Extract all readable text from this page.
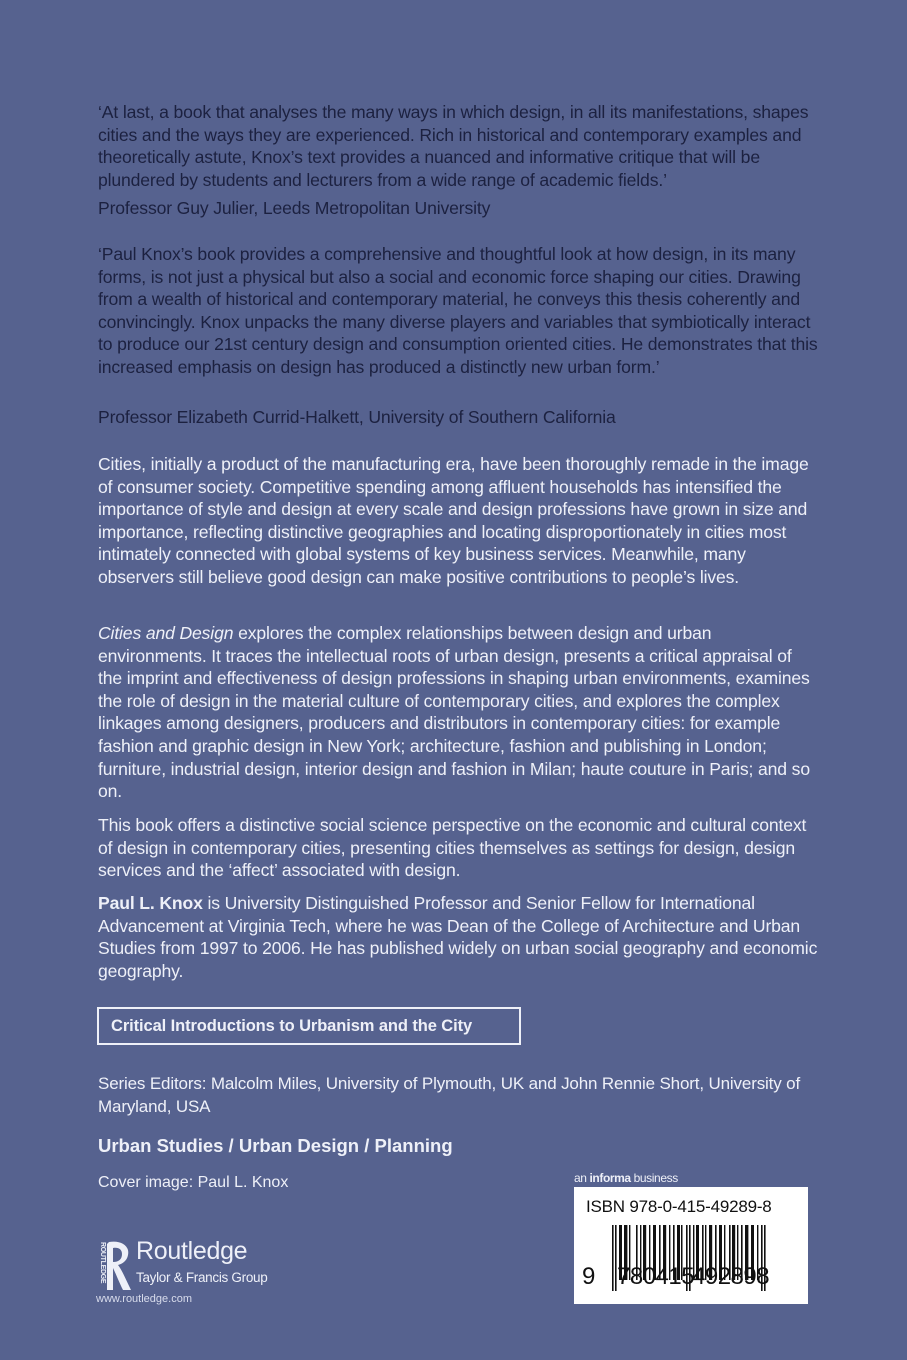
‘At last, a book that analyses the many ways in which design, in all its manifestations, shapes cities and the ways they are experienced. Rich in historical and contemporary examples and theoretically astute, Knox’s text provides a nuanced and informative critique that will be plundered by students and lecturers from a wide range of academic fields.’

Professor Guy Julier, Leeds Metropolitan University

‘Paul Knox’s book provides a comprehensive and thoughtful look at how design, in its many forms, is not just a physical but also a social and economic force shaping our cities. Drawing from a wealth of historical and contemporary material, he conveys this thesis coherently and convincingly. Knox unpacks the many diverse players and variables that symbiotically interact to produce our 21st century design and consumption oriented cities. He demonstrates that this increased emphasis on design has produced a distinctly new urban form.’

Professor Elizabeth Currid-Halkett, University of Southern California

Cities, initially a product of the manufacturing era, have been thoroughly remade in the image of consumer society. Competitive spending among affluent households has intensified the importance of style and design at every scale and design professions have grown in size and importance, reflecting distinctive geographies and locating disproportionately in cities most intimately connected with global systems of key business services. Meanwhile, many observers still believe good design can make positive contributions to people’s lives.

Cities and Design explores the complex relationships between design and urban environments. It traces the intellectual roots of urban design, presents a critical appraisal of the imprint and effectiveness of design professions in shaping urban environments, examines the role of design in the material culture of contemporary cities, and explores the complex linkages among designers, producers and distributors in contemporary cities: for example fashion and graphic design in New York; architecture, fashion and publishing in London; furniture, industrial design, interior design and fashion in Milan; haute couture in Paris; and so on.

This book offers a distinctive social science perspective on the economic and cultural context of design in contemporary cities, presenting cities themselves as settings for design, design services and the ‘affect’ associated with design.

Paul L. Knox is University Distinguished Professor and Senior Fellow for International Advancement at Virginia Tech, where he was Dean of the College of Architecture and Urban Studies from 1997 to 2006. He has published widely on urban social geography and economic geography.

Series Editors: Malcolm Miles, University of Plymouth, UK and John Rennie Short, University of Maryland, USA

Critical Introductions to Urbanism and the City
Urban Studies / Urban Design / Planning
Cover image: Paul L. Knox
ROUTLEDGE Routledge
Taylor & Francis Group
www.routledge.com
an informa business
ISBN 978-0-415-49289-8
9 780415
492898
